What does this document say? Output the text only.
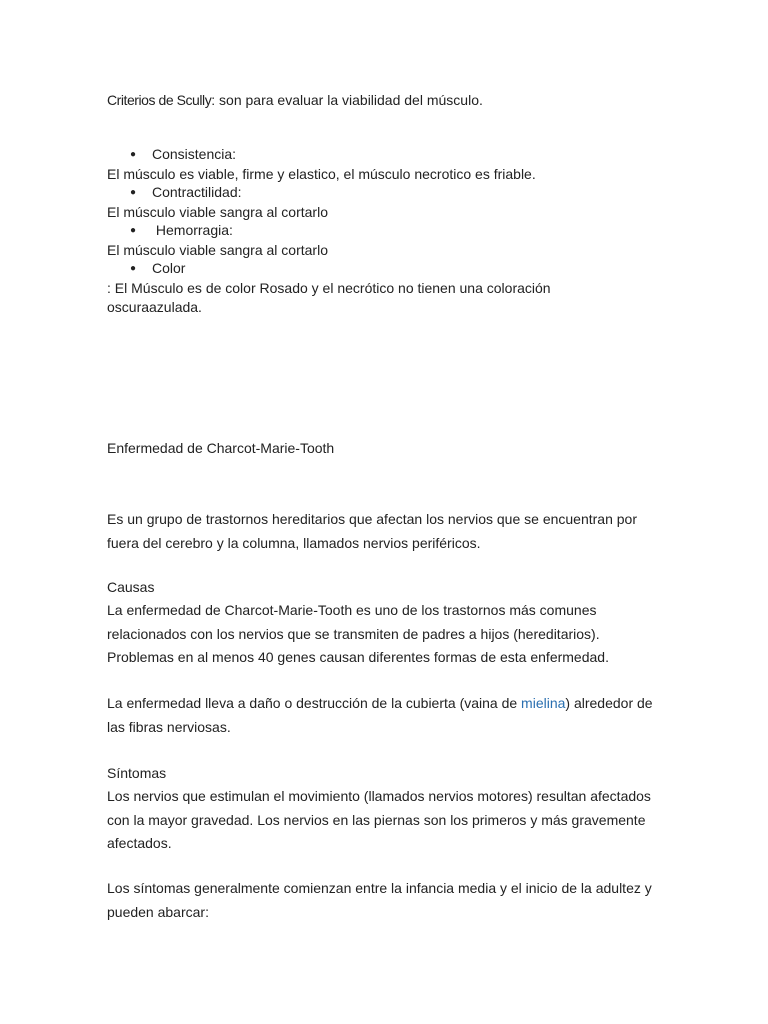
Criterios de Scully: son para evaluar la viabilidad del músculo.

● Consistencia:

El músculo es viable, firme y elastico, el músculo necrotico es friable.

● Contractilidad:

El músculo viable sangra al cortarlo

● Hemorragia:

El músculo viable sangra al cortarlo

● Color

: El Músculo es de color Rosado y el necrótico no tienen una coloración oscuraazulada.

Enfermedad de Charcot-Marie-Tooth

Es un grupo de trastornos hereditarios que afectan los nervios que se encuentran por fuera del cerebro y la columna, llamados nervios periféricos.

Causas

La enfermedad de Charcot-Marie-Tooth es uno de los trastornos más comunes relacionados con los nervios que se transmiten de padres a hijos (hereditarios). Problemas en al menos 40 genes causan diferentes formas de esta enfermedad.

La enfermedad lleva a daño o destrucción de la cubierta (vaina de mielina) alrededor de las fibras nerviosas.

Síntomas

Los nervios que estimulan el movimiento (llamados nervios motores) resultan afectados con la mayor gravedad. Los nervios en las piernas son los primeros y más gravemente afectados.

Los síntomas generalmente comienzan entre la infancia media y el inicio de la adultez y pueden abarcar:
